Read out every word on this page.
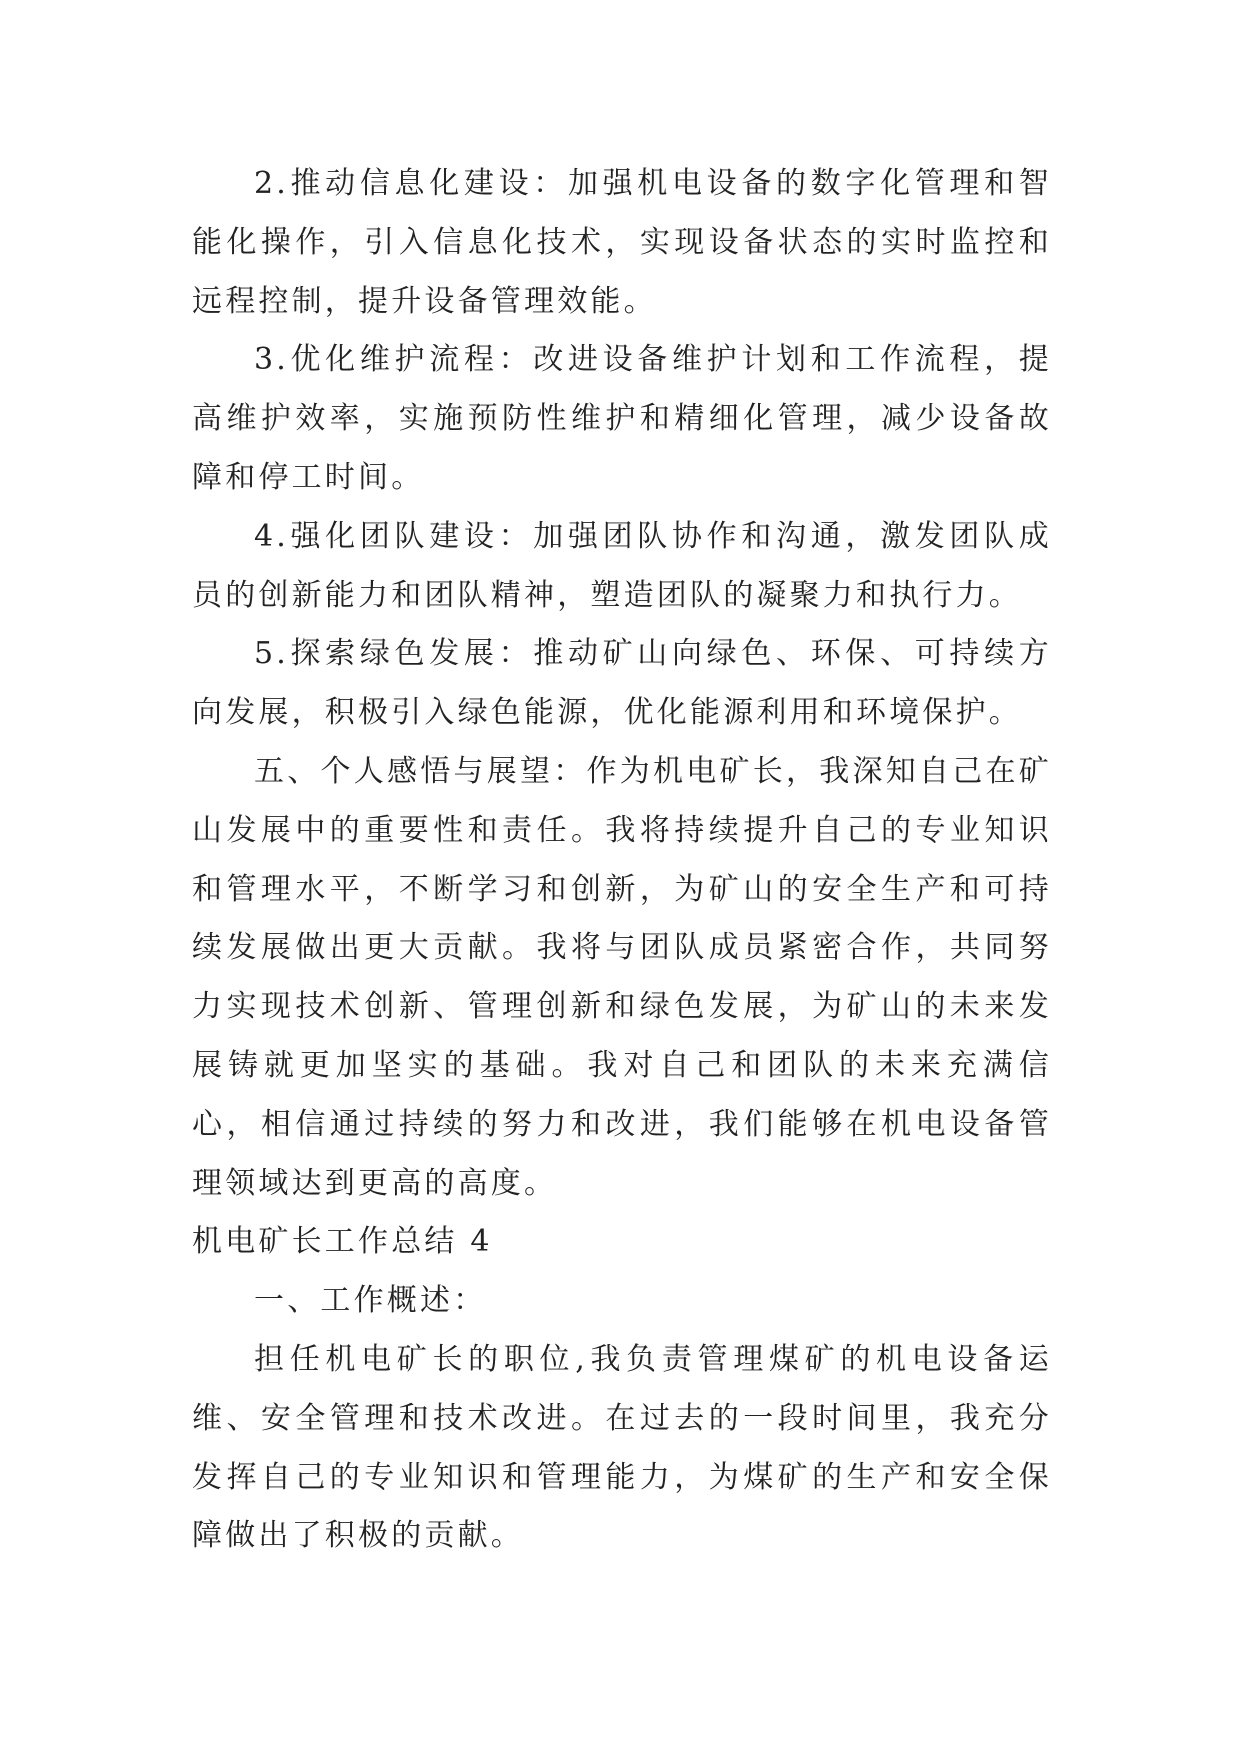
2.推动信息化建设：加强机电设备的数字化管理和智能化操作，引入信息化技术，实现设备状态的实时监控和远程控制，提升设备管理效能。

3.优化维护流程：改进设备维护计划和工作流程，提高维护效率，实施预防性维护和精细化管理，减少设备故障和停工时间。

4.强化团队建设：加强团队协作和沟通，激发团队成员的创新能力和团队精神，塑造团队的凝聚力和执行力。

5.探索绿色发展：推动矿山向绿色、环保、可持续方向发展，积极引入绿色能源，优化能源利用和环境保护。

五、个人感悟与展望：作为机电矿长，我深知自己在矿山发展中的重要性和责任。我将持续提升自己的专业知识和管理水平，不断学习和创新，为矿山的安全生产和可持续发展做出更大贡献。我将与团队成员紧密合作，共同努力实现技术创新、管理创新和绿色发展，为矿山的未来发展铸就更加坚实的基础。我对自己和团队的未来充满信心，相信通过持续的努力和改进，我们能够在机电设备管理领域达到更高的高度。

机电矿长工作总结 4

一、工作概述：

担任机电矿长的职位,我负责管理煤矿的机电设备运维、安全管理和技术改进。在过去的一段时间里，我充分发挥自己的专业知识和管理能力，为煤矿的生产和安全保障做出了积极的贡献。
